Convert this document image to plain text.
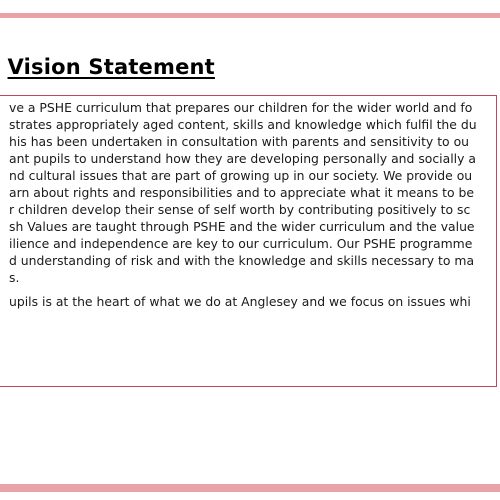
Vision Statement
ve a PSHE curriculum that prepares our children for the wider world and fo
strates appropriately aged content, skills and knowledge which fulfil the du
his has been undertaken in consultation with parents and sensitivity to ou
ant pupils to understand how they are developing personally and socially a
nd cultural issues that are part of growing up in our society. We provide ou
arn about rights and responsibilities and to appreciate what it means to be
r children develop their sense of self worth by contributing positively to sc
sh Values are taught through PSHE and the wider curriculum and the value
ilience and independence are key to our curriculum. Our PSHE programme
d understanding of risk and with the knowledge and skills necessary to ma
s.
upils is at the heart of what we do at Anglesey and we focus on issues whi
